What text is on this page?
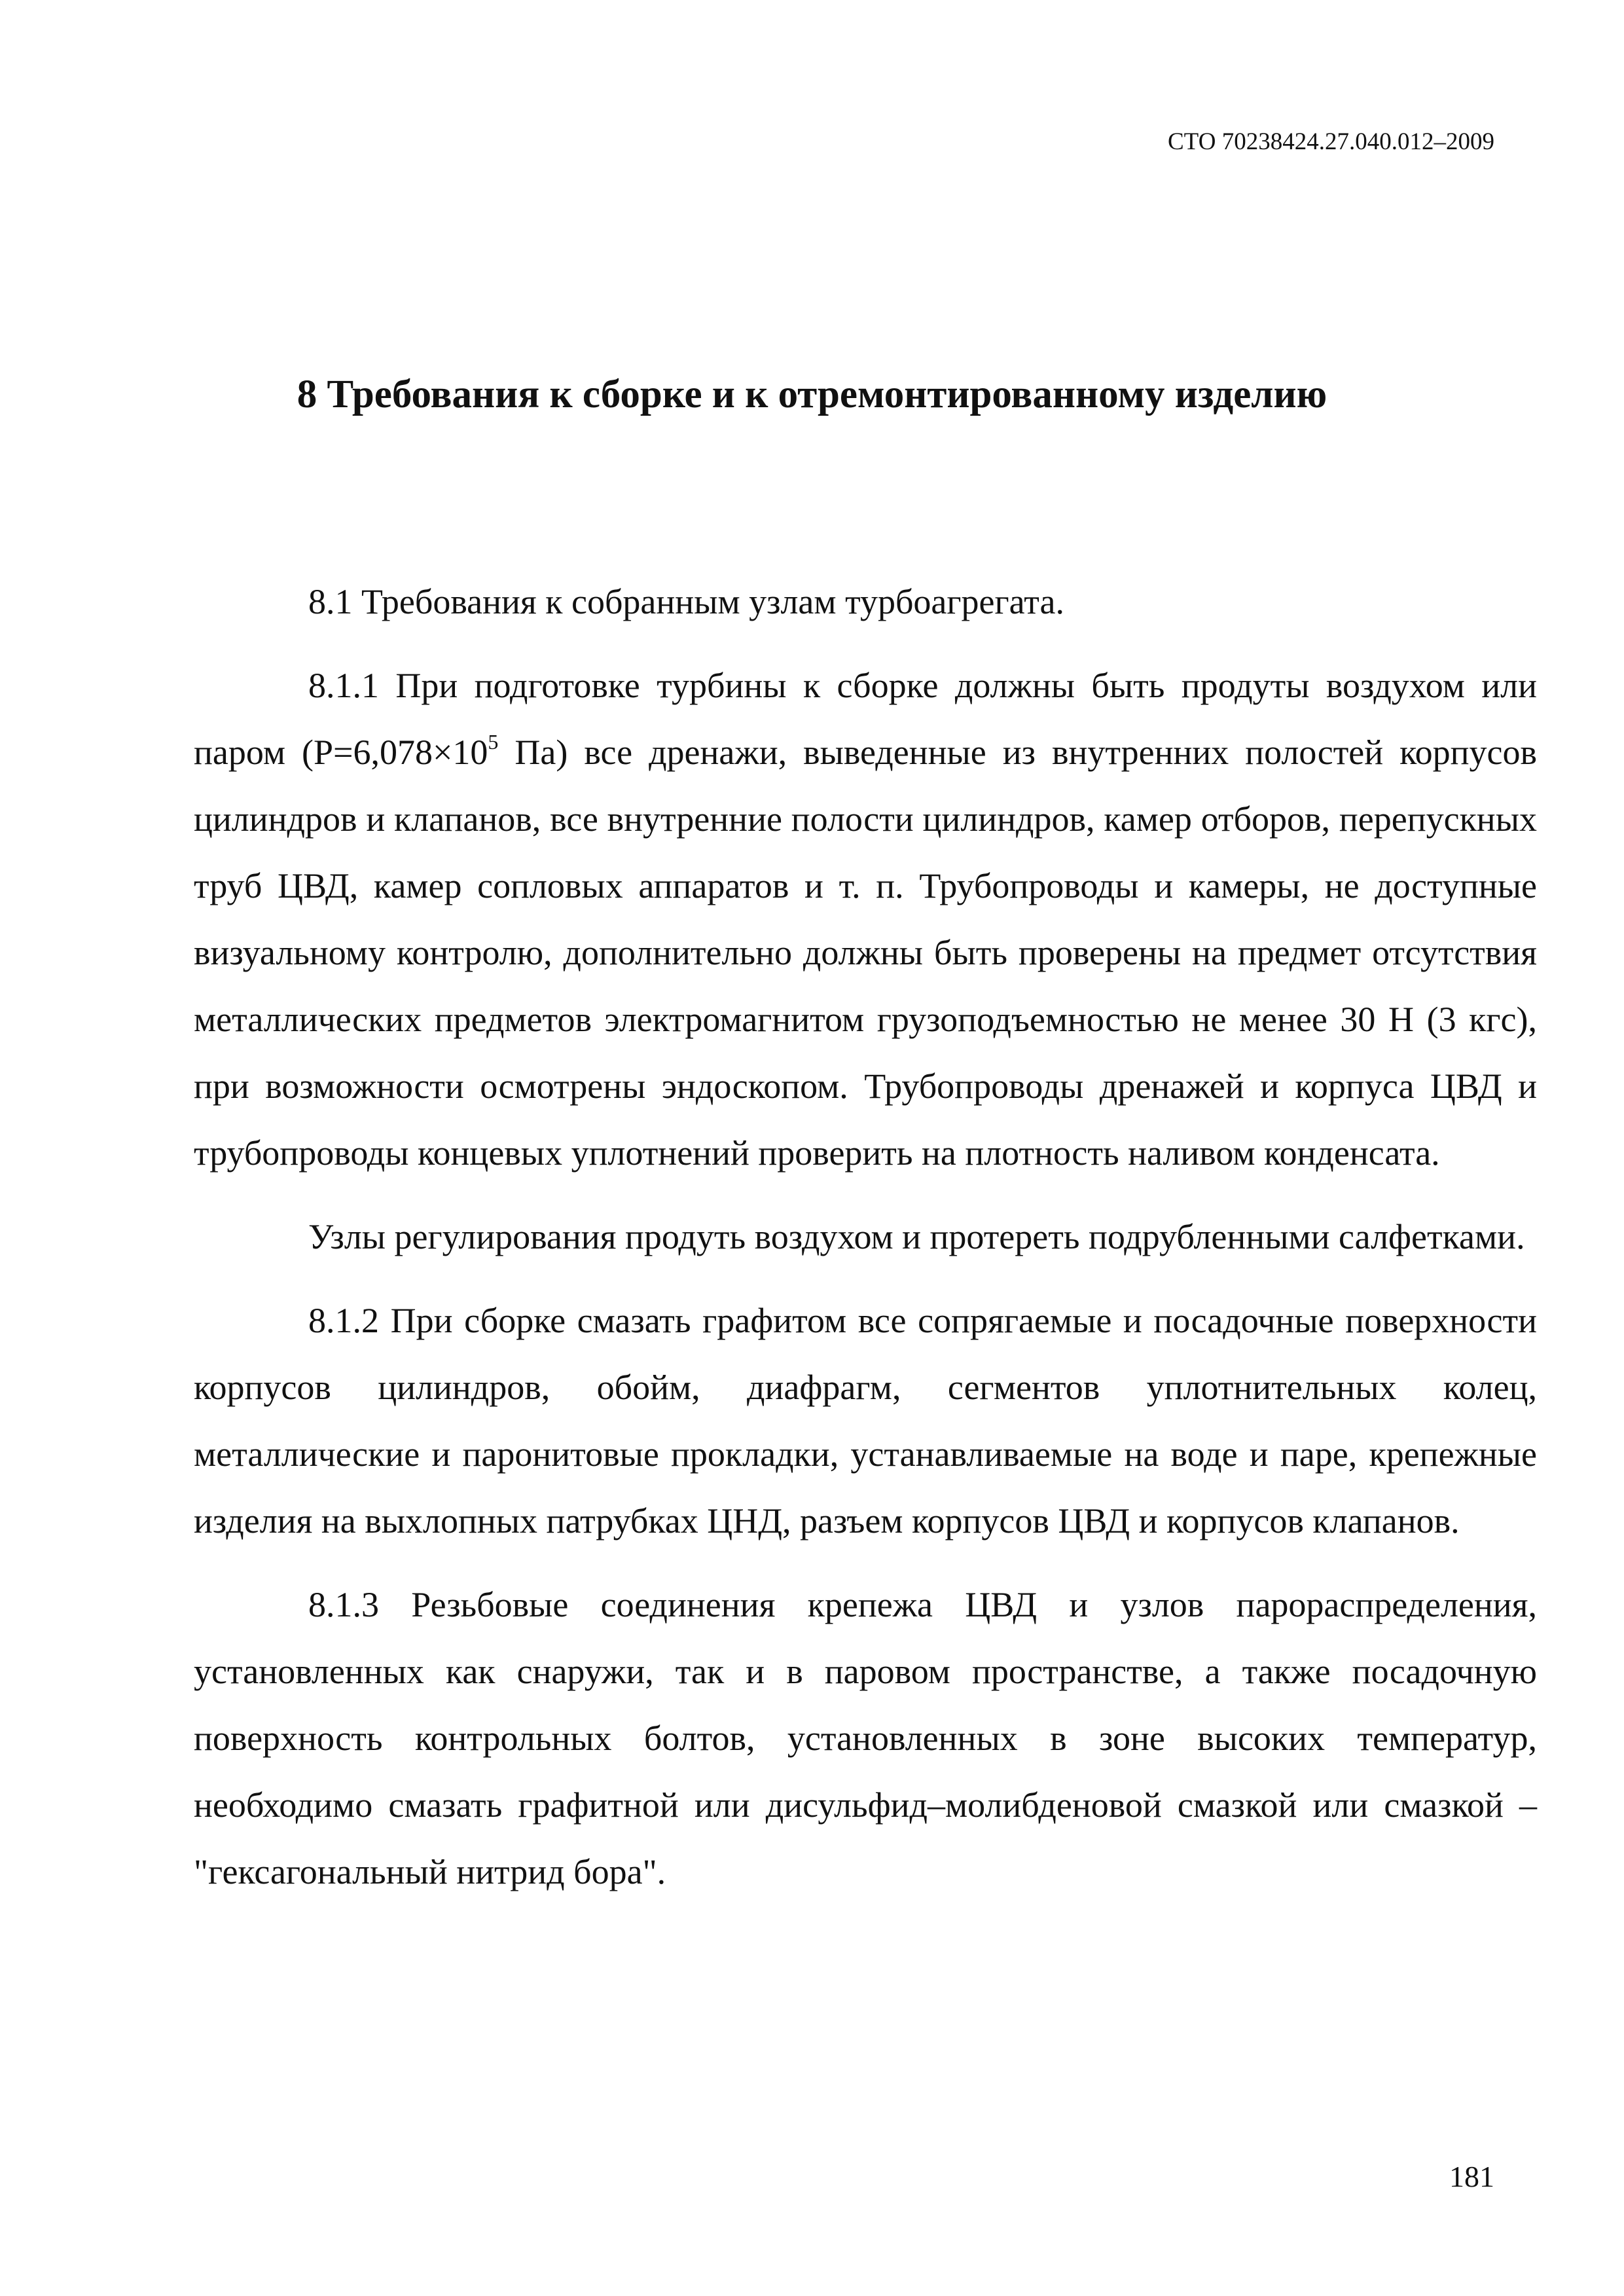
СТО 70238424.27.040.012–2009
8 Требования к сборке и к отремонтированному изделию

8.1 Требования к собранным узлам турбоагрегата.

8.1.1 При подготовке турбины к сборке должны быть продуты воздухом или паром ($Р=6,078\times 10^5$ Па) все дренажи, выведенные из внутренних полостей корпусов цилиндров и клапанов, все внутренние полости цилиндров, камер отборов, перепускных труб ЦВД, камер сопловых аппаратов и т. п. Трубопроводы и камеры, не доступные визуальному контролю, дополнительно должны быть проверены на предмет отсутствия металлических предметов электромагнитом грузоподъемностью не менее 30 Н (3 кгс), при возможности осмотрены эндоскопом. Трубопроводы дренажей и корпуса ЦВД и трубопроводы концевых уплотнений проверить на плотность наливом конденсата.

Узлы регулирования продуть воздухом и протереть подрубленными салфетками.

8.1.2 При сборке смазать графитом все сопрягаемые и посадочные поверхности корпусов цилиндров, обойм, диафрагм, сегментов уплотнительных колец, металлические и паронитовые прокладки, устанавливаемые на воде и паре, крепежные изделия на выхлопных патрубках ЦНД, разъем корпусов ЦВД и корпусов клапанов.

8.1.3 Резьбовые соединения крепежа ЦВД и узлов парораспределения, установленных как снаружи, так и в паровом пространстве, а также посадочную поверхность контрольных болтов, установленных в зоне высоких температур, необходимо смазать графитной или дисульфид–молибденовой смазкой или смазкой – "гексагональный нитрид бора".

181
